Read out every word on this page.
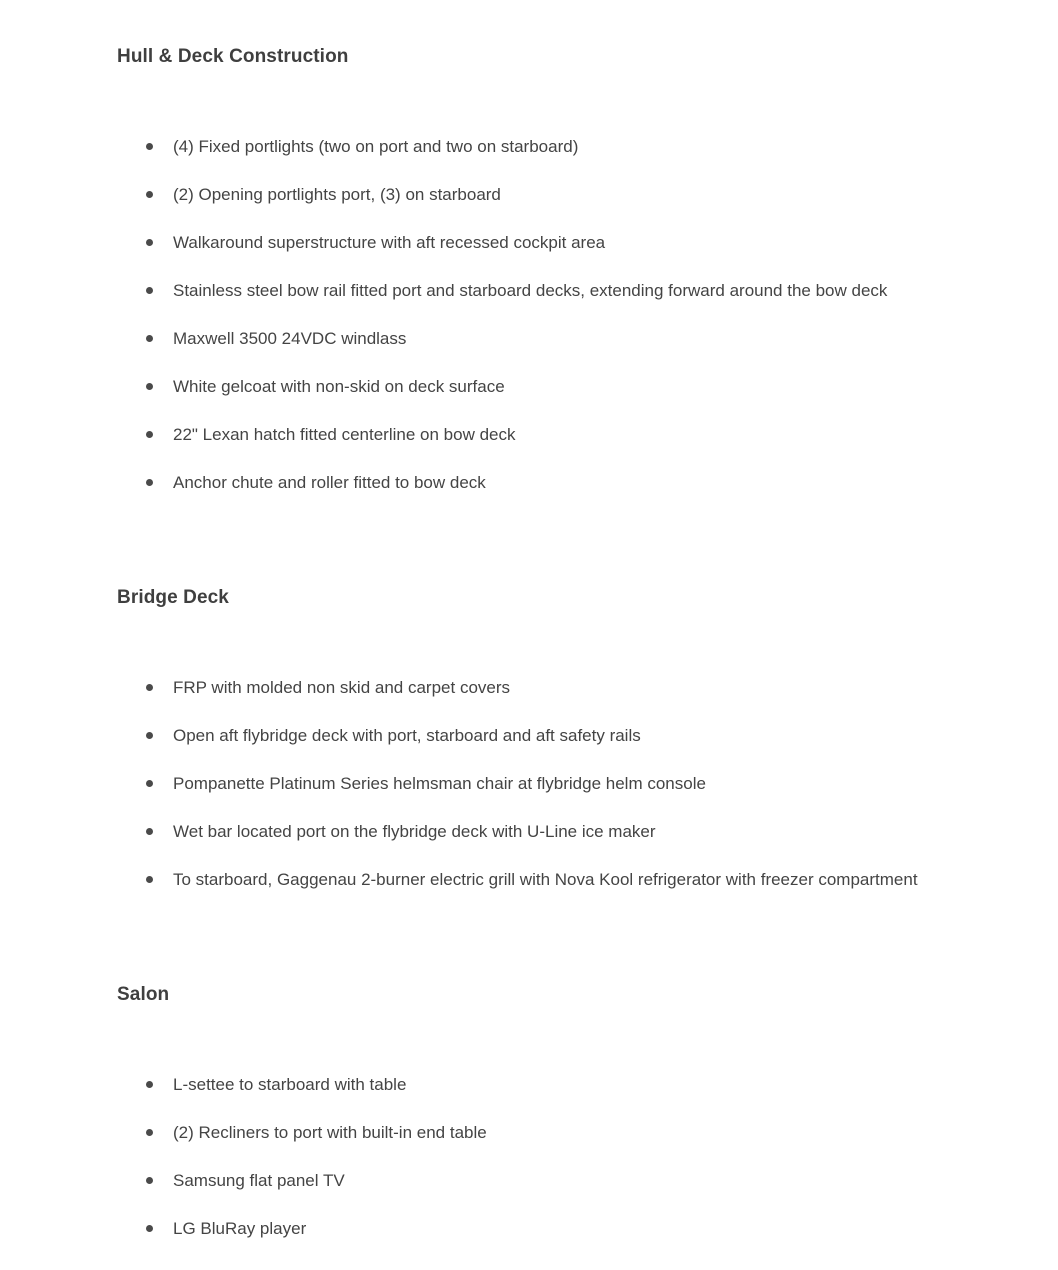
Hull & Deck Construction
(4) Fixed portlights (two on port and two on starboard)
(2) Opening portlights port, (3) on starboard
Walkaround superstructure with aft recessed cockpit area
Stainless steel bow rail fitted port and starboard decks, extending forward around the bow deck
Maxwell 3500 24VDC windlass
White gelcoat with non-skid on deck surface
22" Lexan hatch fitted centerline on bow deck
Anchor chute and roller fitted to bow deck
Bridge Deck
FRP with molded non skid and carpet covers
Open aft flybridge deck with port, starboard and aft safety rails
Pompanette Platinum Series helmsman chair at flybridge helm console
Wet bar located port on the flybridge deck with U-Line ice maker
To starboard, Gaggenau 2-burner electric grill with Nova Kool refrigerator with freezer compartment
Salon
L-settee to starboard with table
(2) Recliners to port with built-in end table
Samsung flat panel TV
LG BluRay player
